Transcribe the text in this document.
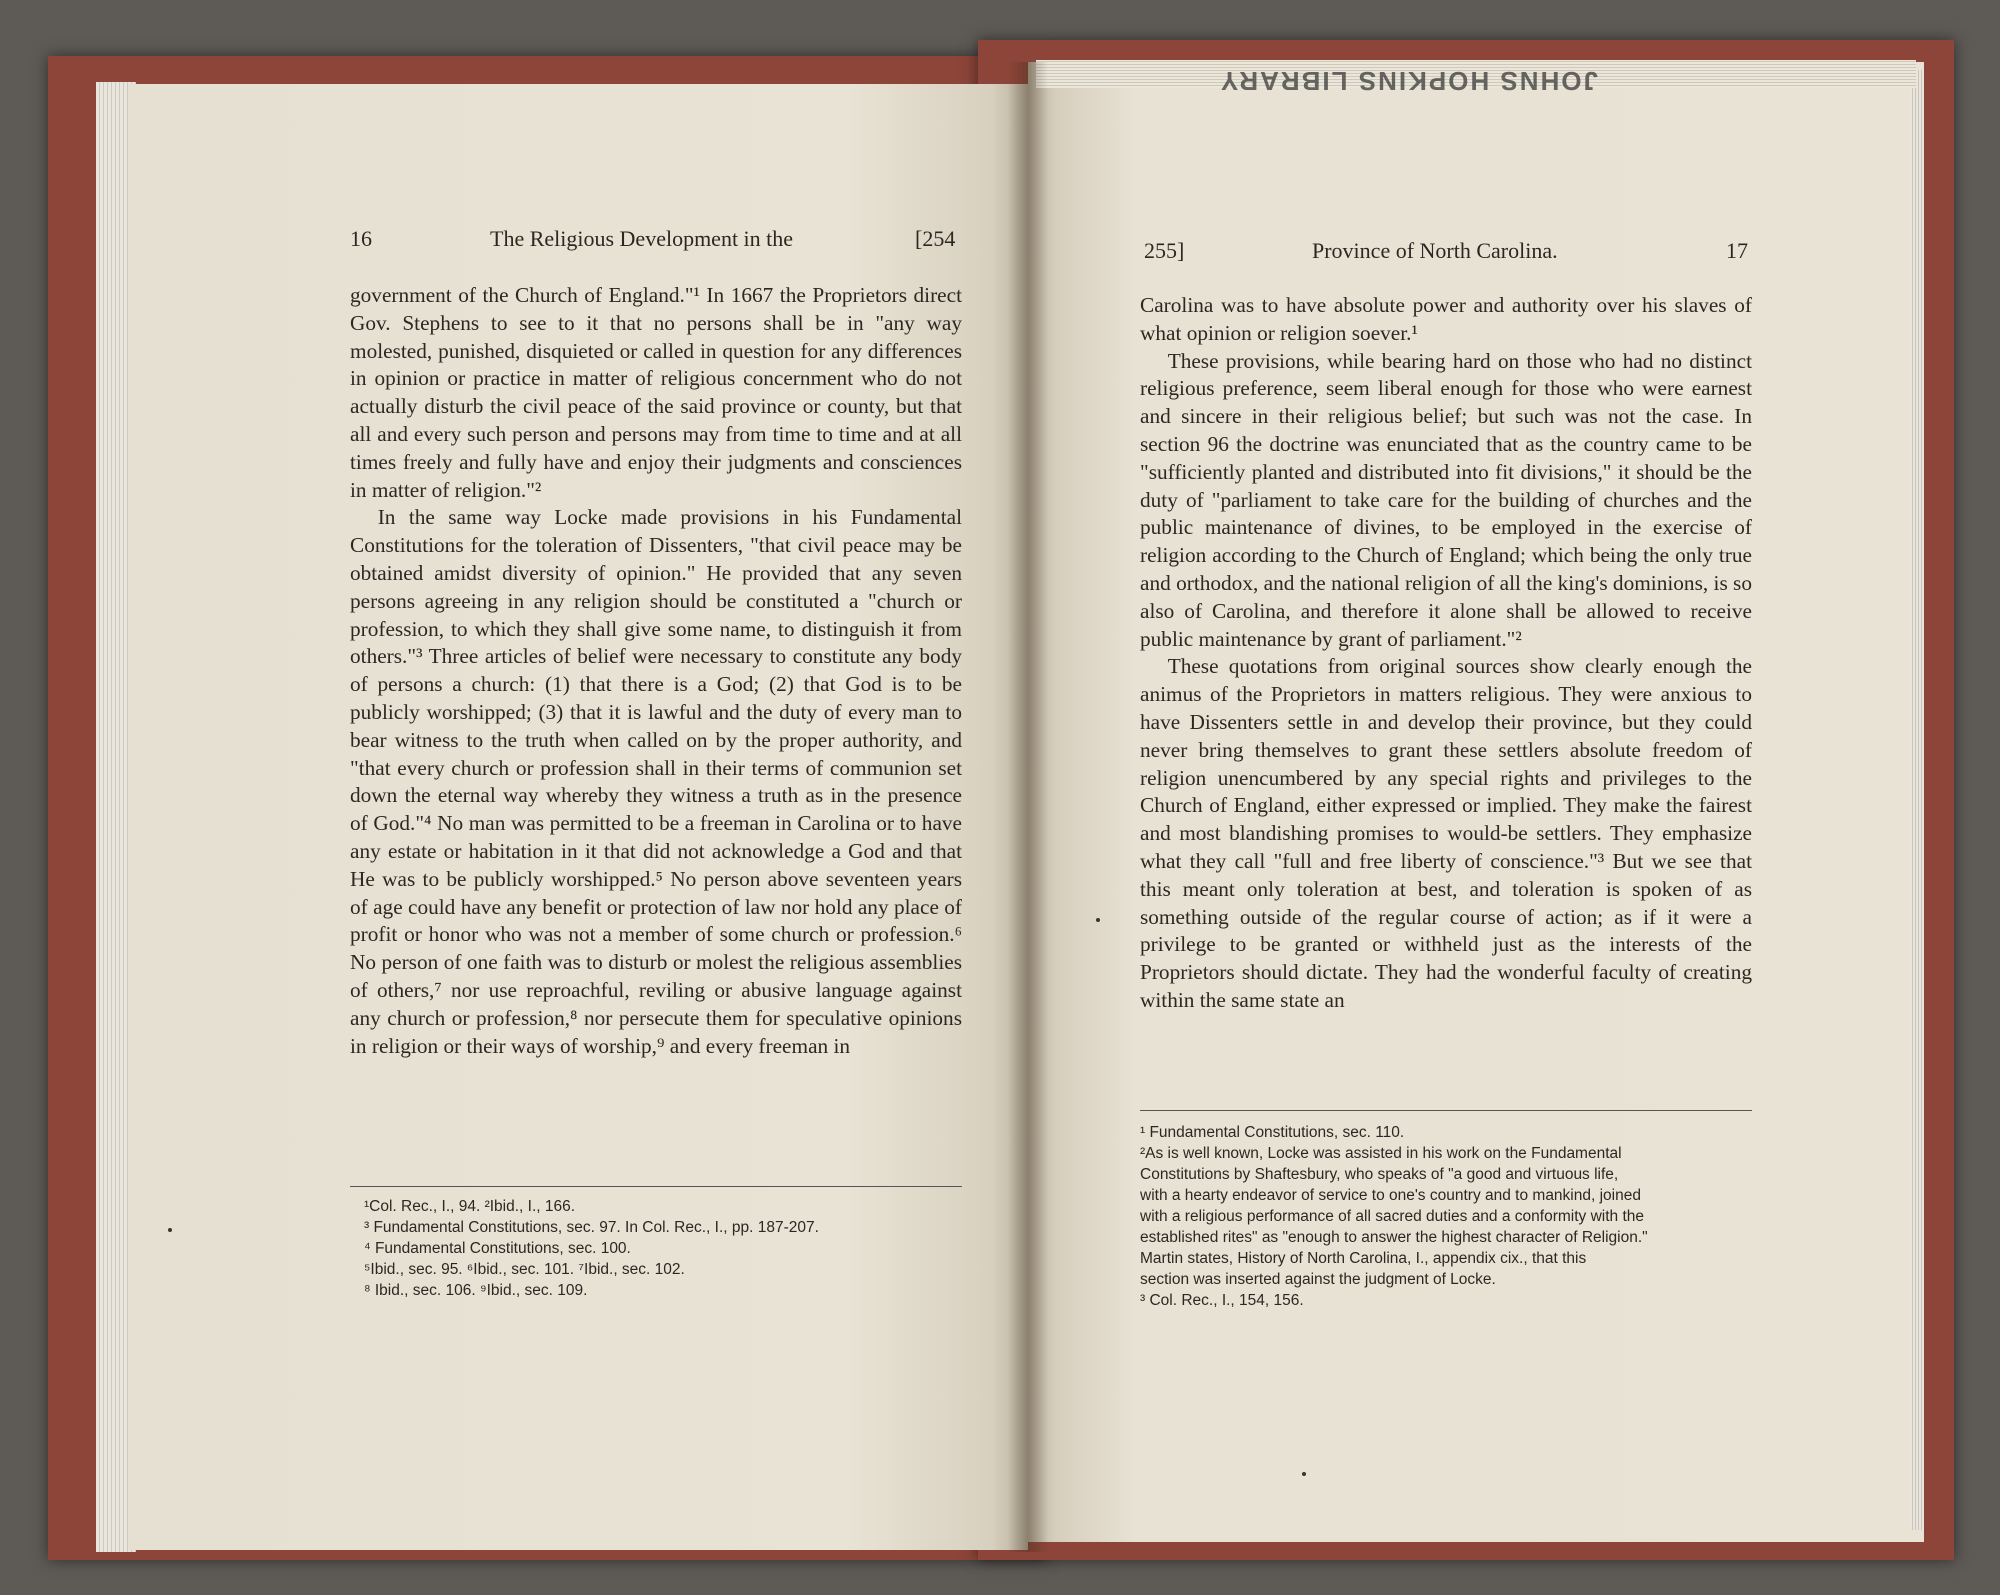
JOHNS HOPKINS LIBRARY
16	The Religious Development in the	[254

government of the Church of England."¹ In 1667 the Proprietors direct Gov. Stephens to see to it that no persons shall be in "any way molested, punished, disquieted or called in question for any differences in opinion or practice in matter of religious concernment who do not actually disturb the civil peace of the said province or county, but that all and every such person and persons may from time to time and at all times freely and fully have and enjoy their judgments and consciences in matter of religion."²

In the same way Locke made provisions in his Fundamental Constitutions for the toleration of Dissenters, "that civil peace may be obtained amidst diversity of opinion." He provided that any seven persons agreeing in any religion should be constituted a "church or profession, to which they shall give some name, to distinguish it from others."³ Three articles of belief were necessary to constitute any body of persons a church: (1) that there is a God; (2) that God is to be publicly worshipped; (3) that it is lawful and the duty of every man to bear witness to the truth when called on by the proper authority, and "that every church or profession shall in their terms of communion set down the eternal way whereby they witness a truth as in the presence of God."⁴ No man was permitted to be a freeman in Carolina or to have any estate or habitation in it that did not acknowledge a God and that He was to be publicly worshipped.⁵ No person above seventeen years of age could have any benefit or protection of law nor hold any place of profit or honor who was not a member of some church or profession.⁶ No person of one faith was to disturb or molest the religious assemblies of others,⁷ nor use reproachful, reviling or abusive language against any church or profession,⁸ nor persecute them for speculative opinions in religion or their ways of worship,⁹ and every freeman in

¹Col. Rec., I., 94. ²Ibid., I., 166.
³ Fundamental Constitutions, sec. 97. In Col. Rec., I., pp. 187-207.
⁴ Fundamental Constitutions, sec. 100.
⁵Ibid., sec. 95. ⁶Ibid., sec. 101. ⁷Ibid., sec. 102.
⁸ Ibid., sec. 106. ⁹Ibid., sec. 109.
255]	Province of North Carolina.	17

Carolina was to have absolute power and authority over his slaves of what opinion or religion soever.¹

These provisions, while bearing hard on those who had no distinct religious preference, seem liberal enough for those who were earnest and sincere in their religious belief; but such was not the case. In section 96 the doctrine was enunciated that as the country came to be "sufficiently planted and distributed into fit divisions," it should be the duty of "parliament to take care for the building of churches and the public maintenance of divines, to be employed in the exercise of religion according to the Church of England; which being the only true and orthodox, and the national religion of all the king's dominions, is so also of Carolina, and therefore it alone shall be allowed to receive public maintenance by grant of parliament."²

These quotations from original sources show clearly enough the animus of the Proprietors in matters religious. They were anxious to have Dissenters settle in and develop their province, but they could never bring themselves to grant these settlers absolute freedom of religion unencumbered by any special rights and privileges to the Church of England, either expressed or implied. They make the fairest and most blandishing promises to would-be settlers. They emphasize what they call "full and free liberty of conscience."³ But we see that this meant only toleration at best, and toleration is spoken of as something outside of the regular course of action; as if it were a privilege to be granted or withheld just as the interests of the Proprietors should dictate. They had the wonderful faculty of creating within the same state an

¹ Fundamental Constitutions, sec. 110.
²As is well known, Locke was assisted in his work on the Fundamental
Constitutions by Shaftesbury, who speaks of "a good and virtuous life,
with a hearty endeavor of service to one's country and to mankind, joined
with a religious performance of all sacred duties and a conformity with the
established rites" as "enough to answer the highest character of Religion."
Martin states, History of North Carolina, I., appendix cix., that this
section was inserted against the judgment of Locke.
³ Col. Rec., I., 154, 156.
